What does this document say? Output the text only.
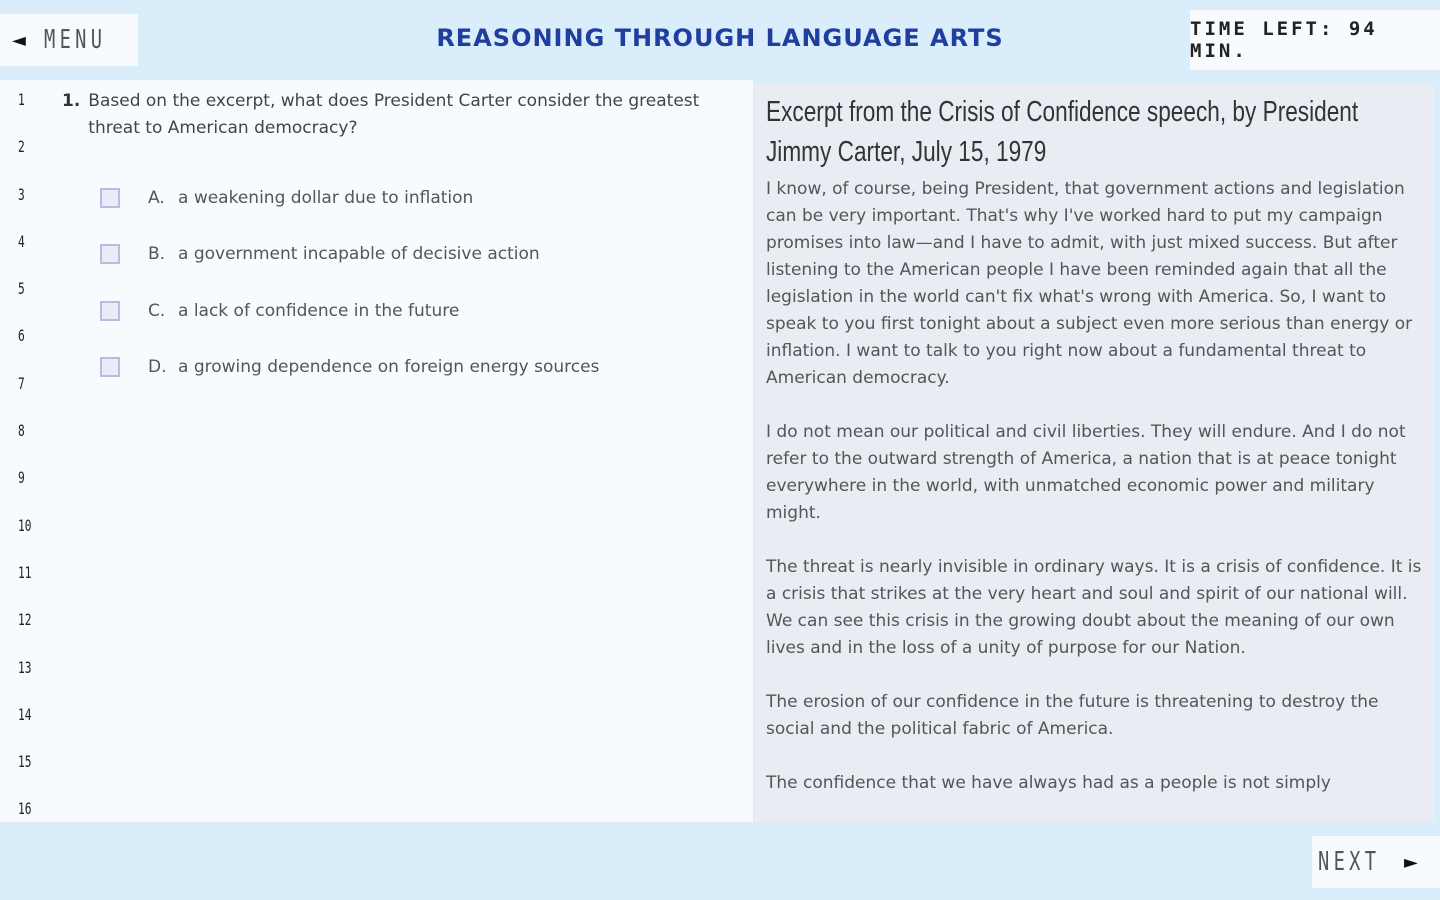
◄ MENU	REASONING THROUGH LANGUAGE ARTS	TIME LEFT: 94 MIN.
1
2
3
4
5
6
7
8
9
10
11
12
13
14
15
16
1. Based on the excerpt, what does President Carter consider the greatest threat to American democracy?
A. a weakening dollar due to inflation
B. a government incapable of decisive action
C. a lack of confidence in the future
D. a growing dependence on foreign energy sources
Excerpt from the Crisis of Confidence speech, by President Jimmy Carter, July 15, 1979

I know, of course, being President, that government actions and legislation can be very important. That's why I've worked hard to put my campaign promises into law—and I have to admit, with just mixed success. But after listening to the American people I have been reminded again that all the legislation in the world can't fix what's wrong with America. So, I want to speak to you first tonight about a subject even more serious than energy or inflation. I want to talk to you right now about a fundamental threat to American democracy.

I do not mean our political and civil liberties. They will endure. And I do not refer to the outward strength of America, a nation that is at peace tonight everywhere in the world, with unmatched economic power and military might.

The threat is nearly invisible in ordinary ways. It is a crisis of confidence. It is a crisis that strikes at the very heart and soul and spirit of our national will. We can see this crisis in the growing doubt about the meaning of our own lives and in the loss of a unity of purpose for our Nation.

The erosion of our confidence in the future is threatening to destroy the social and the political fabric of America.

The confidence that we have always had as a people is not simply

NEXT ►
